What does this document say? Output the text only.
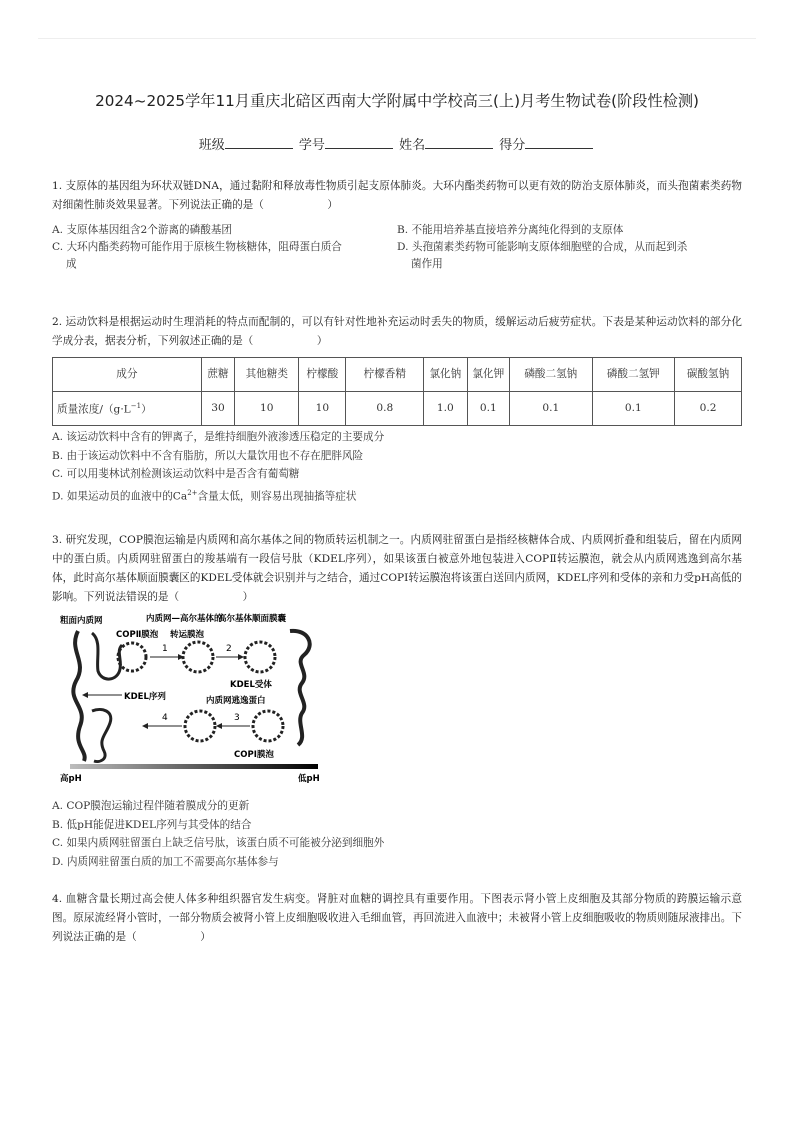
2024~2025学年11月重庆北碚区西南大学附属中学校高三(上)月考生物试卷(阶段性检测)
班级	学号	姓名	得分

1. 支原体的基因组为环状双链DNA，通过黏附和释放毒性物质引起支原体肺炎。大环内酯类药物可以更有效的防治支原体肺炎，而头孢菌素类药物对细菌性肺炎效果显著。下列说法正确的是（　　　　　　）

A. 支原体基因组含2个游离的磷酸基团	B. 不能用培养基直接培养分离纯化得到的支原体
C. 大环内酯类药物可能作用于原核生物核糖体，阻碍蛋白质合
成
D. 头孢菌素类药物可能影响支原体细胞壁的合成，从而起到杀
菌作用

2. 运动饮料是根据运动时生理消耗的特点而配制的，可以有针对性地补充运动时丢失的物质，缓解运动后疲劳症状。下表是某种运动饮料的部分化学成分表，据表分析，下列叙述正确的是（　　　　　　）

成分	蔗糖	其他糖类	柠檬酸	柠檬香精	氯化钠	氯化钾	磷酸二氢钠	磷酸二氢钾	碳酸氢钠
质量浓度$/(g\cdot L^{-1})$	30	10	10	0.8	1.0	0.1	0.1	0.1	0.2
A. 该运动饮料中含有的钾离子，是维持细胞外液渗透压稳定的主要成分
B. 由于该运动饮料中不含有脂肪，所以大量饮用也不存在肥胖风险
C. 可以用斐林试剂检测该运动饮料中是否含有葡萄糖
D. 如果运动员的血液中的$Ca^{2+}$含量太低，则容易出现抽搐等症状

3. 研究发现，COP膜泡运输是内质网和高尔基体之间的物质转运机制之一。内质网驻留蛋白是指经核糖体合成、内质网折叠和组装后，留在内质网中的蛋白质。内质网驻留蛋白的羧基端有一段信号肽（KDEL序列），如果该蛋白被意外地包装进入COPⅡ转运膜泡，就会从内质网逃逸到高尔基体，此时高尔基体顺面膜囊区的KDEL受体就会识别并与之结合，通过COPⅠ转运膜泡将该蛋白送回内质网，KDEL序列和受体的亲和力受pH高低的影响。下列说法错误的是（　　　　　　）

粗面内质网	内质网—高尔基体的
高尔基体顺面膜囊
COPⅡ膜泡 转运膜泡
1	2
3
4
KDEL受体
KDEL序列	内质网逃逸蛋白
COPⅠ膜泡
高pH	低pH
A. COP膜泡运输过程伴随着膜成分的更新
B. 低pH能促进KDEL序列与其受体的结合
C. 如果内质网驻留蛋白上缺乏信号肽，该蛋白质不可能被分泌到细胞外
D. 内质网驻留蛋白质的加工不需要高尔基体参与

4. 血糖含量长期过高会使人体多种组织器官发生病变。肾脏对血糖的调控具有重要作用。下图表示肾小管上皮细胞及其部分物质的跨膜运输示意图。原尿流经肾小管时，一部分物质会被肾小管上皮细胞吸收进入毛细血管，再回流进入血液中；未被肾小管上皮细胞吸收的物质则随尿液排出。下列说法正确的是（　　　　　　）
